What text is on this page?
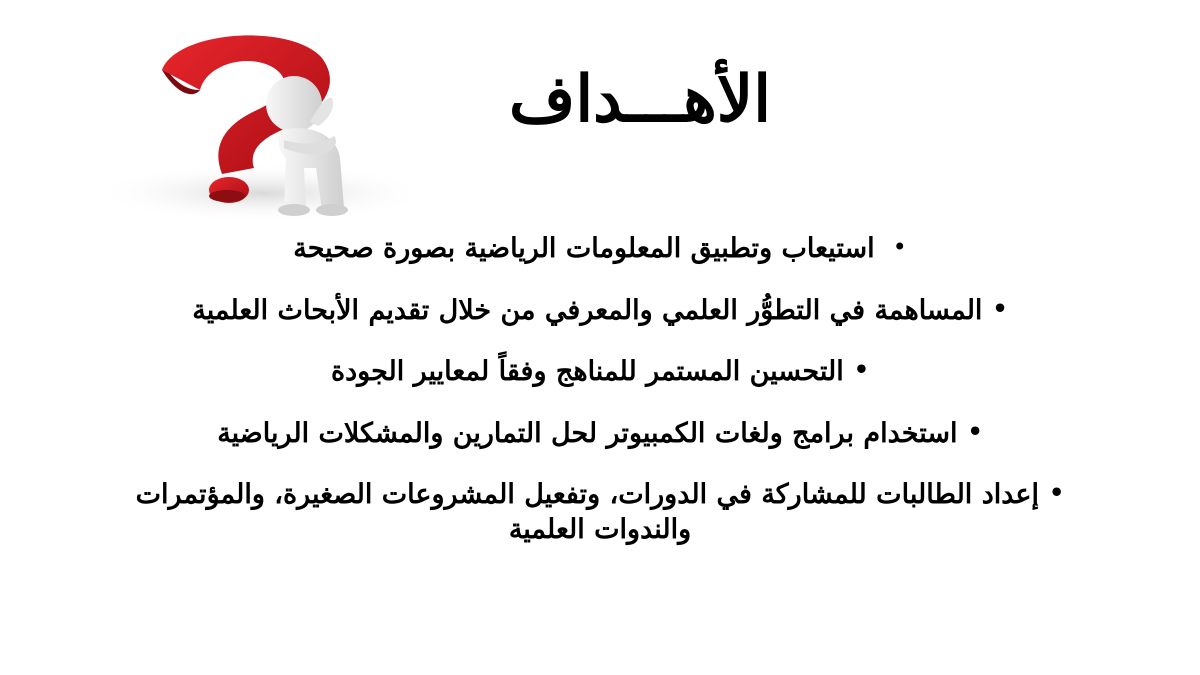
الأهـــداف
•استيعاب وتطبيق المعلومات الرياضية بصورة صحيحة
•المساهمة في التطوُّر العلمي والمعرفي من خلال تقديم الأبحاث العلمية
•التحسين المستمر للمناهج وفقاً لمعايير الجودة
•استخدام برامج ولغات الكمبيوتر لحل التمارين والمشكلات الرياضية
•إعداد الطالبات للمشاركة في الدورات، وتفعيل المشروعات الصغيرة، والمؤتمرات والندوات العلمية
